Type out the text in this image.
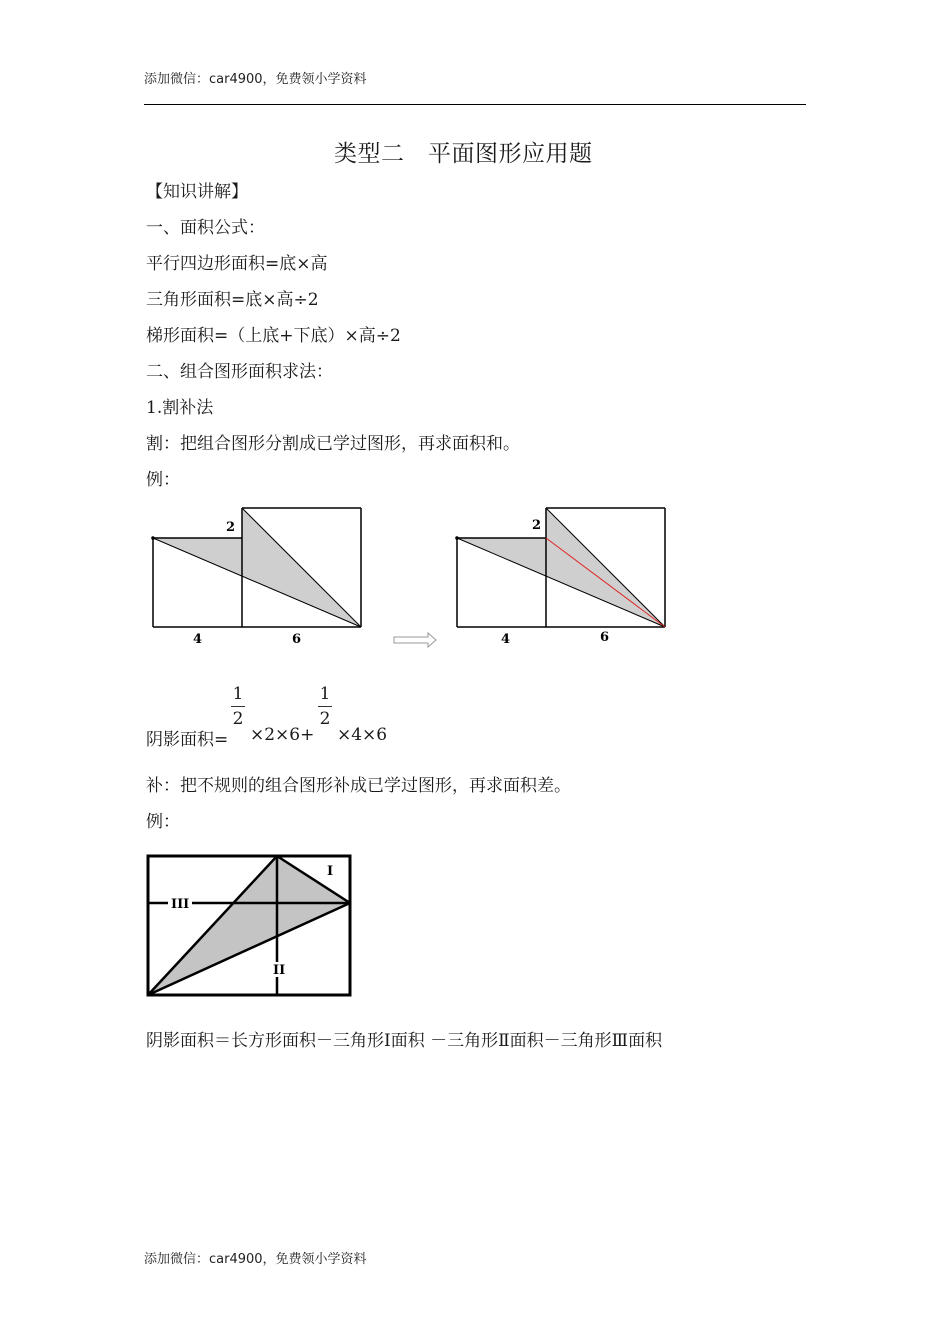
添加微信：car4900，免费领小学资料
类型二　平面图形应用题
【知识讲解】
一、面积公式：
平行四边形面积=底×高
三角形面积=底×高÷2
梯形面积=（上底+下底）×高÷2
二、组合图形面积求法：
1.割补法
割：把组合图形分割成已学过图形，再求面积和。
例：
2
4	6
2
4	6
阴影面积=
1
2
×2×6+
1
2
×4×6
补：把不规则的组合图形补成已学过图形，再求面积差。
例：
III
I
II
阴影面积＝长方形面积－三角形Ⅰ面积 －三角形Ⅱ面积－三角形Ⅲ面积
添加微信：car4900，免费领小学资料
